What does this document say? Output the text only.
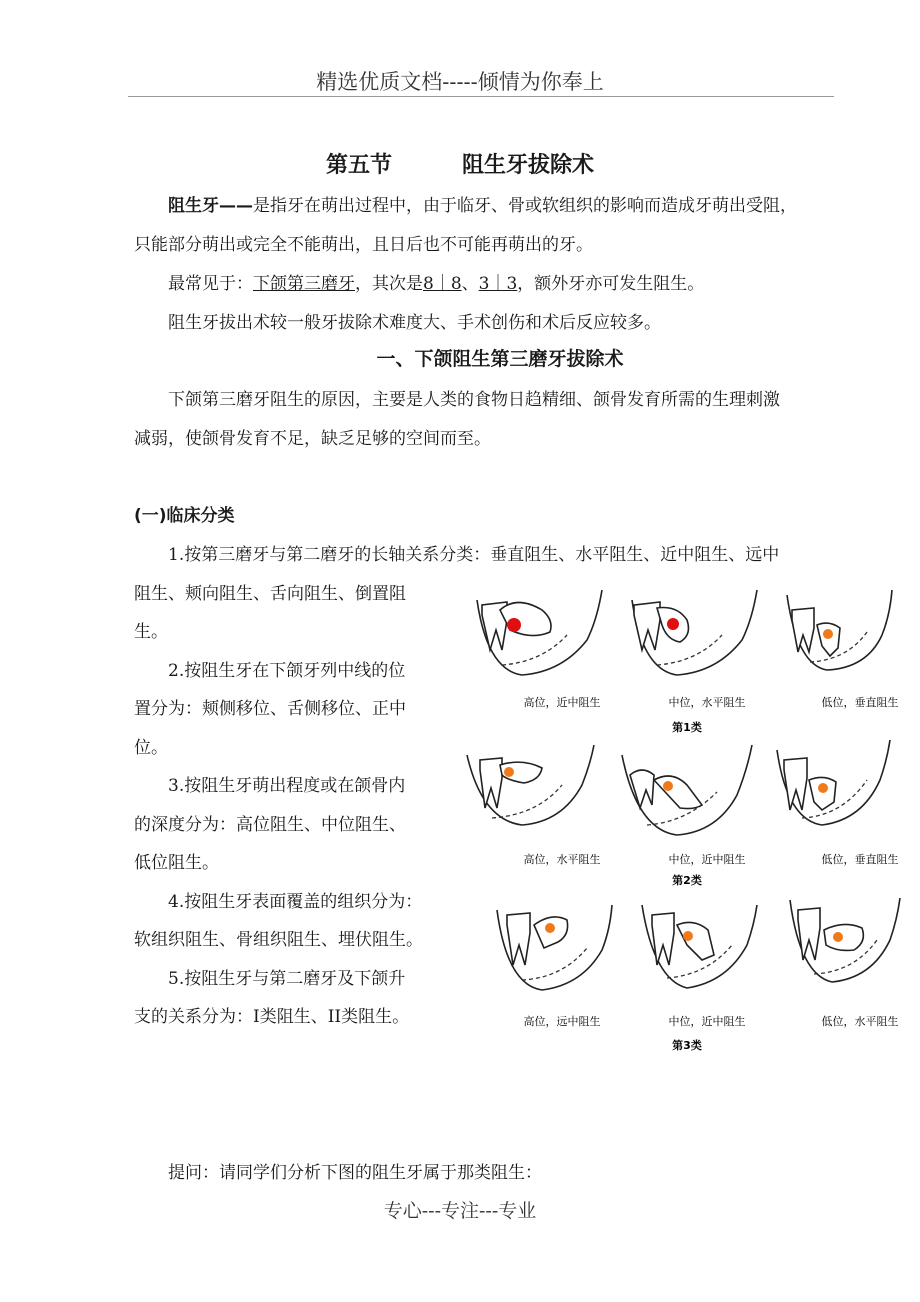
精选优质文档-----倾情为你奉上
第五节	阻生牙拔除术
阻生牙——是指牙在萌出过程中，由于临牙、骨或软组织的影响而造成牙萌出受阻，
只能部分萌出或完全不能萌出，且日后也不可能再萌出的牙。
最常见于：下颌第三磨牙，其次是8｜8、3｜3，额外牙亦可发生阻生。
阻生牙拔出术较一般牙拔除术难度大、手术创伤和术后反应较多。
一、下颌阻生第三磨牙拔除术
下颌第三磨牙阻生的原因，主要是人类的食物日趋精细、颌骨发育所需的生理刺激
减弱，使颌骨发育不足，缺乏足够的空间而至。
(一)临床分类
1.按第三磨牙与第二磨牙的长轴关系分类：垂直阻生、水平阻生、近中阻生、远中
阻生、颊向阻生、舌向阻生、倒置阻
生。
2.按阻生牙在下颌牙列中线的位
置分为：颊侧移位、舌侧移位、正中
位。
3.按阻生牙萌出程度或在颌骨内
的深度分为：高位阻生、中位阻生、
低位阻生。
4.按阻生牙表面覆盖的组织分为：
软组织阻生、骨组织阻生、埋伏阻生。
5.按阻生牙与第二磨牙及下颌升
支的关系分为：I类阻生、II类阻生。
高位，近中阻生	中位，水平阻生	低位，垂直阻生
第1类
高位，水平阻生	中位，近中阻生	低位，垂直阻生
第2类
高位，远中阻生	中位，近中阻生	低位，水平阻生
第3类
提问：请同学们分析下图的阻生牙属于那类阻生：
专心---专注---专业
